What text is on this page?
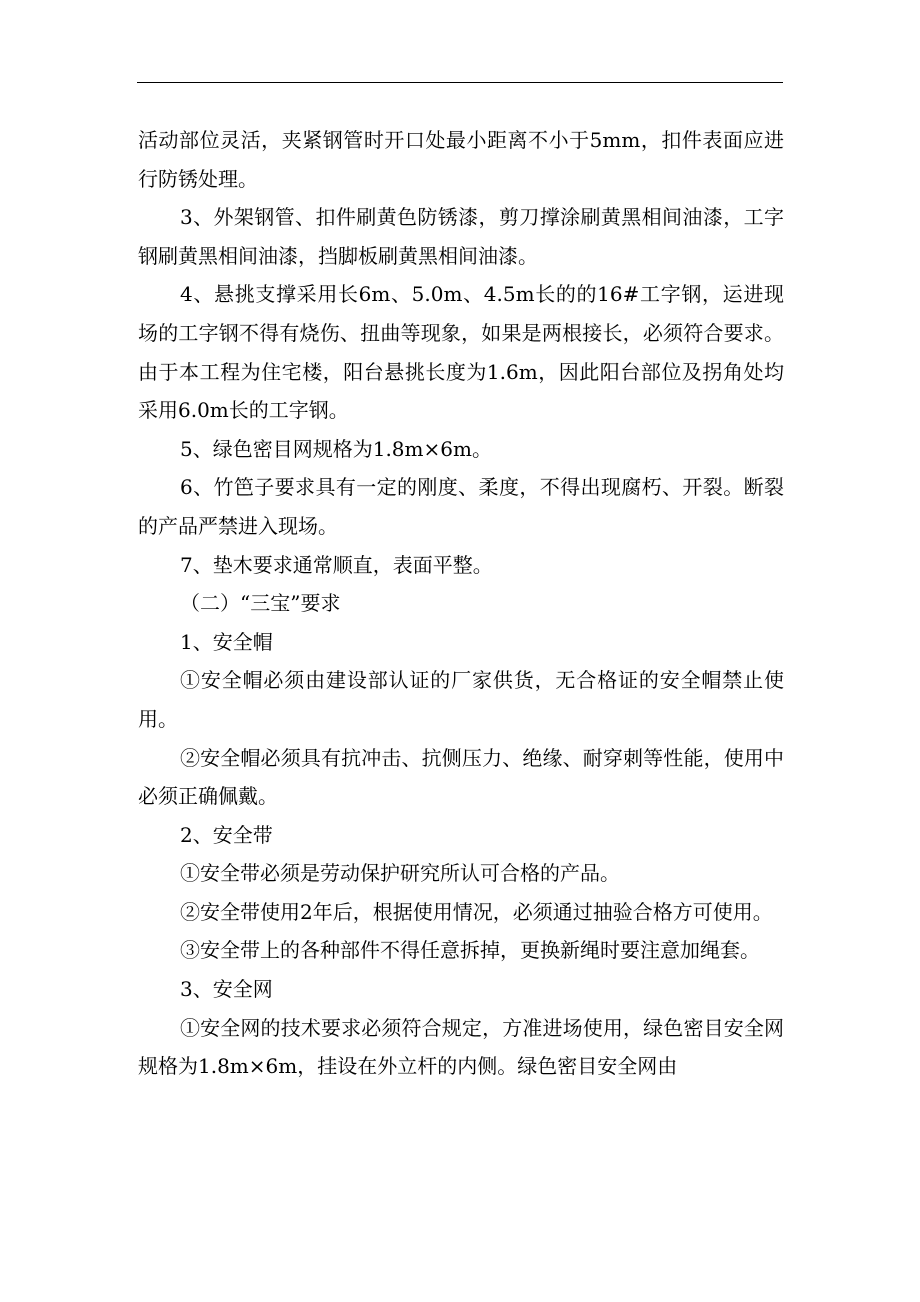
活动部位灵活，夹紧钢管时开口处最小距离不小于5mm，扣件表面应进行防锈处理。

3、外架钢管、扣件刷黄色防锈漆，剪刀撑涂刷黄黑相间油漆，工字钢刷黄黑相间油漆，挡脚板刷黄黑相间油漆。

4、悬挑支撑采用长6m、5.0m、4.5m长的的16#工字钢，运进现场的工字钢不得有烧伤、扭曲等现象，如果是两根接长，必须符合要求。由于本工程为住宅楼，阳台悬挑长度为1.6m，因此阳台部位及拐角处均采用6.0m长的工字钢。

5、绿色密目网规格为1.8m×6m。

6、竹笆子要求具有一定的刚度、柔度，不得出现腐朽、开裂。断裂的产品严禁进入现场。

7、垫木要求通常顺直，表面平整。

（二）“三宝”要求

1、安全帽

①安全帽必须由建设部认证的厂家供货，无合格证的安全帽禁止使用。

②安全帽必须具有抗冲击、抗侧压力、绝缘、耐穿刺等性能，使用中必须正确佩戴。

2、安全带

①安全带必须是劳动保护研究所认可合格的产品。

②安全带使用2年后，根据使用情况，必须通过抽验合格方可使用。

③安全带上的各种部件不得任意拆掉，更换新绳时要注意加绳套。

3、安全网

①安全网的技术要求必须符合规定，方准进场使用，绿色密目安全网规格为1.8m×6m，挂设在外立杆的内侧。绿色密目安全网由
